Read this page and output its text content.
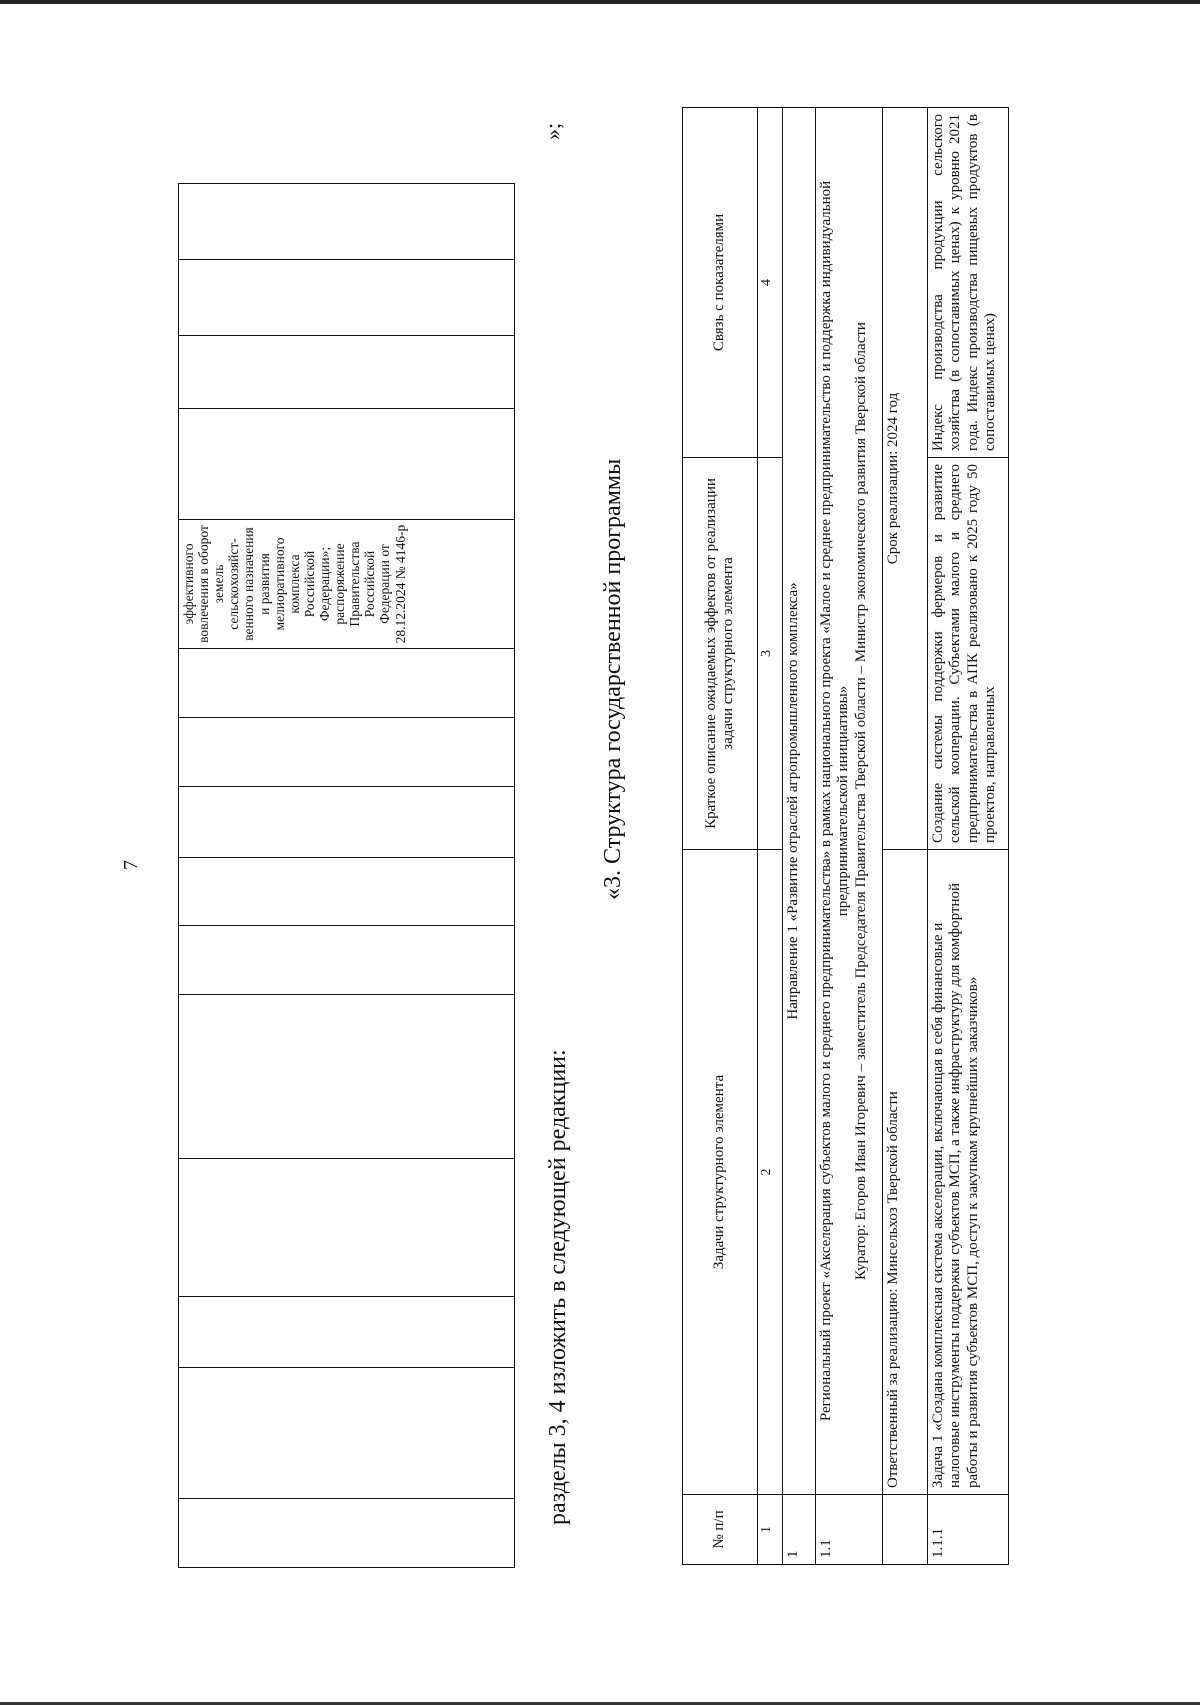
7

эффективного вовлечения в оборот земель сельскохозяйст-венного назначения и развития мелиоративного комплекса Российской Федерации»; распоряжение Правительства Российской Федерации от 28.12.2024 № 4146-р

»;
разделы 3, 4 изложить в следующей редакции:
«3. Структура государственной программы
№ п/п	Задачи структурного элемента	Краткое описание ожидаемых эффектов от реализации задачи структурного элемента	Связь с показателями
1	2	3	4
1	Направление 1 «Развитие отраслей агропромышленного комплекса»		
1.1	Региональный проект «Акселерация субъектов малого и среднего предпринимательства» в рамках национального проекта «Малое и среднее предпринимательство и поддержка индивидуальной предпринимательской инициативы» Куратор: Егоров Иван Игоревич – заместитель Председателя Правительства Тверской области – Министр экономического развития Тверской области		

	Ответственный за реализацию: Минсельхоз Тверской области	Срок реализации: 2024 год	
1.1.1	Задача 1 «Создана комплексная система акселерации, включающая в себя финансовые и налоговые инструменты поддержки субъектов МСП, а также инфраструктуру для комфортной работы и развития субъектов МСП, доступ к закупкам крупнейших заказчиков»	Создание системы поддержки фермеров и развитие сельской кооперации. Субъектами малого и среднего предпринимательства в АПК реализовано к 2025 году 50 проектов, направленных	Индекс производства продукции сельского хозяйства (в сопоставимых ценах) к уровню 2021 года. Индекс производства пищевых продуктов (в сопоставимых ценах)
